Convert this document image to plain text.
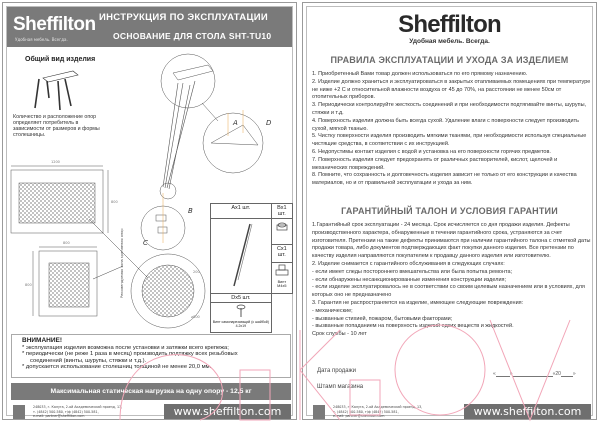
Sheffilton
Удобная мебель. Всегда.
ИНСТРУКЦИЯ ПО ЭКСПЛУАТАЦИИ
ОСНОВАНИЕ ДЛЯ СТОЛА SHT-TU10
Общий вид изделия
Количество и расположение опор определяет потребитель в зависимости от размеров и формы столешницы.
1200
800
800
800	Рекомендуемая зона крепления опор	200
⌀800
A	D
B
C
Ax1 шт.	Bx1 шт.

	Cx1 шт.

	Винт M4x5

Dx5 шт.	

Винт самонарезающий (с шайбой) 4.2x19	

ВНИМАНИЕ!
* эксплуатация изделия возможна после установки и затяжки всего крепежа;
* периодически (не реже 1 раза в месяц) производить подтяжку всех резьбовых
соединений (винты, шурупы, стяжки и т.д.).
* допускается использование столешниц толщиной не менее 20,0 мм.
Максимальная статическая нагрузка на одну опору - 12,5 кг
248033, г. Калуга, 2-ой Академический проезд, 13,
т. (4842) 500-580, т/ф (4842) 500-581,
e-mail: partner@sheffilton.com	www.sheffilton.com
Sheffilton
Удобная мебель. Всегда.
ПРАВИЛА ЭКСПЛУАТАЦИИ И УХОДА ЗА ИЗДЕЛИЕМ
1. Приобретенный Вами товар должен использоваться по его прямому назначению.
2. Изделие должно храниться и эксплуатироваться в закрытых отапливаемых помещениях при температуре не ниже +2 С и относительной влажности воздуха от 45 до 70%, на расстоянии не менее 50см от отопительных приборов.
3. Периодически контролируйте жесткость соединений и при необходимости подтягивайте винты, шурупы, стяжки и т.д.
4. Поверхность изделия должна быть всегда сухой. Удаление влаги с поверхности следует производить сухой, мягкой тканью.
5. Чистку поверхности изделия производить мягкими тканями, при необходимости используя специальные чистящие средства, в соответствии с их инструкцией.
6. Недопустимы контакт изделия с водой и установка на его поверхности горячих предметов.
7. Поверхность изделия следует предохранять от различных растворителей, кислот, щелочей и механических повреждений.
8. Помните, что сохранность и долговечность изделия зависит не только от его конструкции и качества материалов, но и от правильной эксплуатации и ухода за ним.
ГАРАНТИЙНЫЙ ТАЛОН И УСЛОВИЯ ГАРАНТИИ
1.Гарантийный срок эксплуатации - 24 месяца. Срок исчисляется со дня продажи изделия. Дефекты производственного характера, обнаруженные в течении гарантийного срока, устраняются за счет изготовителя. Претензии на такие дефекты принимаются при наличии гарантийного талона с отметкой даты продажи товара, либо документов подтверждающих факт покупки данного изделия. Все претензии по качеству изделия направляются покупателем к продавцу данного изделия или изготовителю.
2. Изделие снимается с гарантийного обслуживания в следующих случаях:
- если имеет следы постороннего вмешательства или была попытка ремонта;
- если обнаружены несанкционированные изменения конструкции изделия;
- если изделие эксплуатировалось не в соответствии со своим целевым назначением или в условиях, для которых оно не предназначено
3. Гарантия не распространяется на изделие, имеющее следующие повреждения:
- механические;
- вызванные стихией, пожаром, бытовыми факторами;
- вызванные попаданием на поверхность изделий едких веществ и жидкостей.
Срок службы - 10 лет
Дата продажи	«	»	«20 »
Штамп магазина
248033, г. Калуга, 2-ой Академический проезд, 13,
т. (4842) 500-580, т/ф (4842) 500-581,
e-mail: partner@sheffilton.com	www.sheffilton.com
